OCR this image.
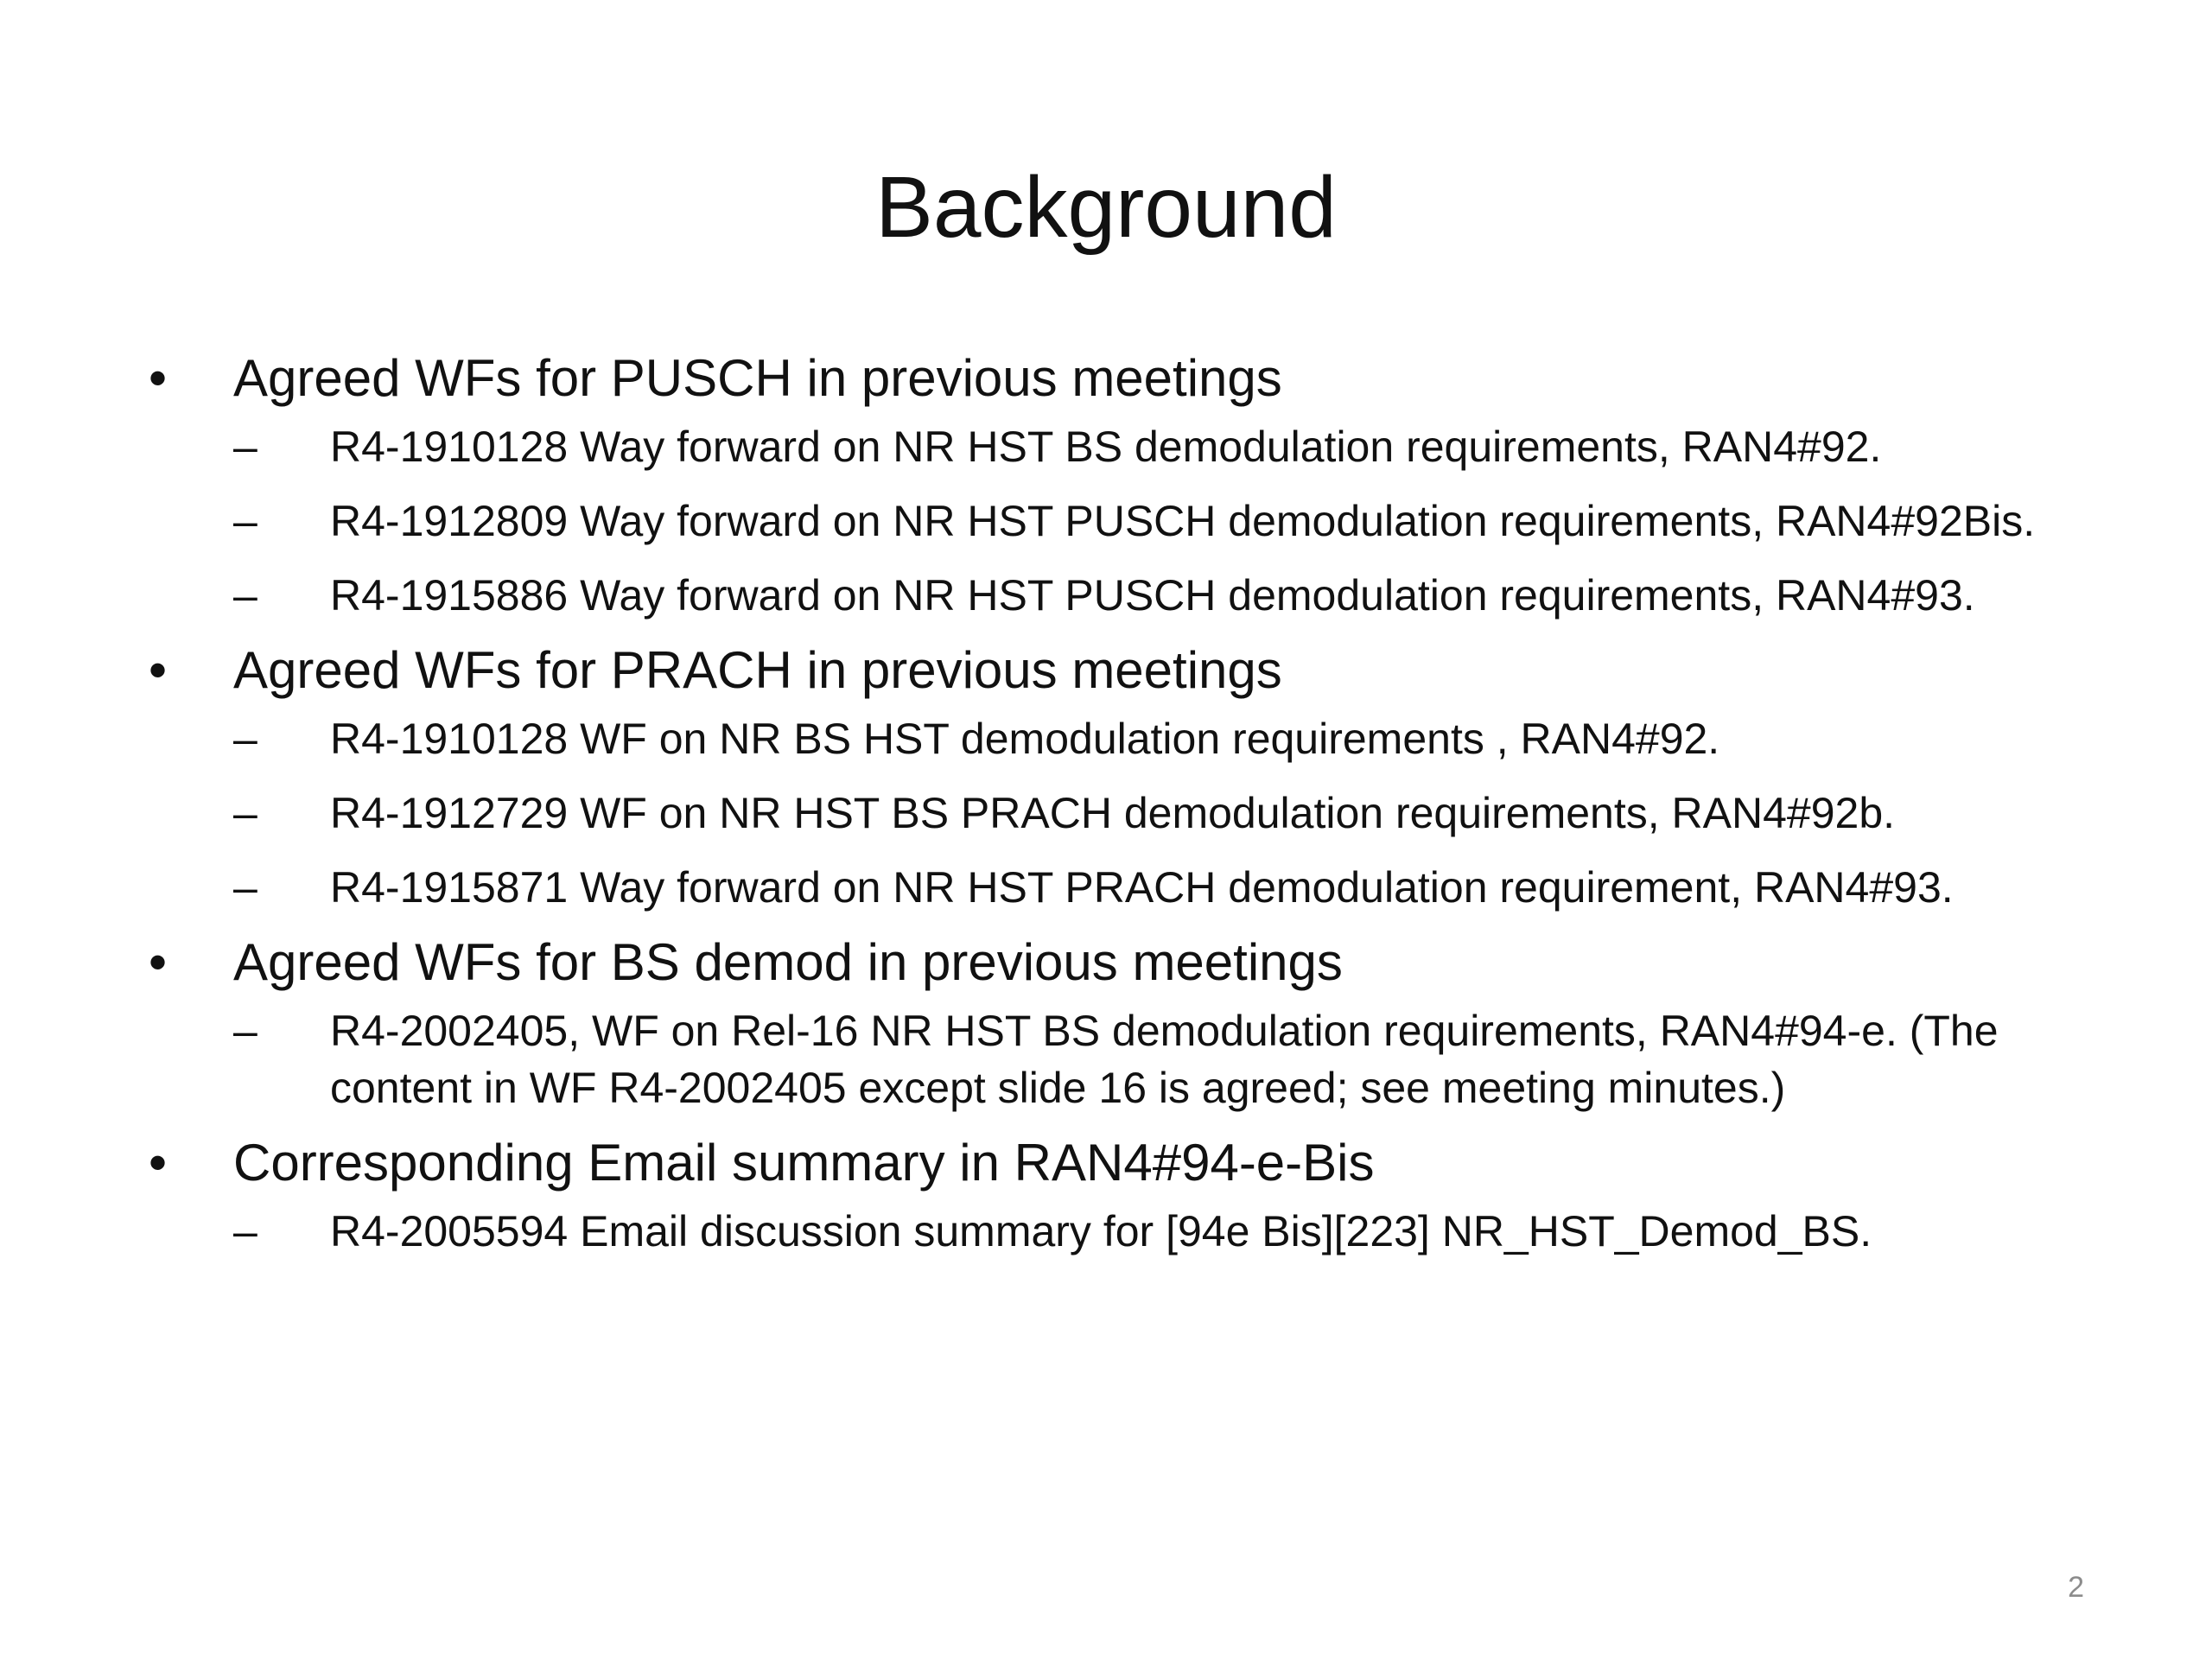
Background
•	Agreed WFs for PUSCH in previous meetings
–	R4-1910128 Way forward on NR HST BS demodulation requirements, RAN4#92.
–	R4-1912809 Way forward on NR HST PUSCH demodulation requirements, RAN4#92Bis.
–	R4-1915886 Way forward on NR HST PUSCH demodulation requirements, RAN4#93.
•	Agreed WFs for PRACH in previous meetings
–	R4-1910128 WF on NR BS HST demodulation requirements , RAN4#92.
–	R4-1912729 WF on NR HST BS PRACH demodulation requirements, RAN4#92b.
–	R4-1915871 Way forward on NR HST PRACH demodulation requirement, RAN4#93.
•	Agreed WFs for BS demod in previous meetings
–	R4-2002405, WF on Rel-16 NR HST BS demodulation requirements, RAN4#94-e. (The content in WF R4-2002405 except slide 16 is agreed; see meeting minutes.)
•	Corresponding Email summary in RAN4#94-e-Bis
–	R4-2005594 Email discussion summary for [94e Bis][223] NR_HST_Demod_BS.
2
